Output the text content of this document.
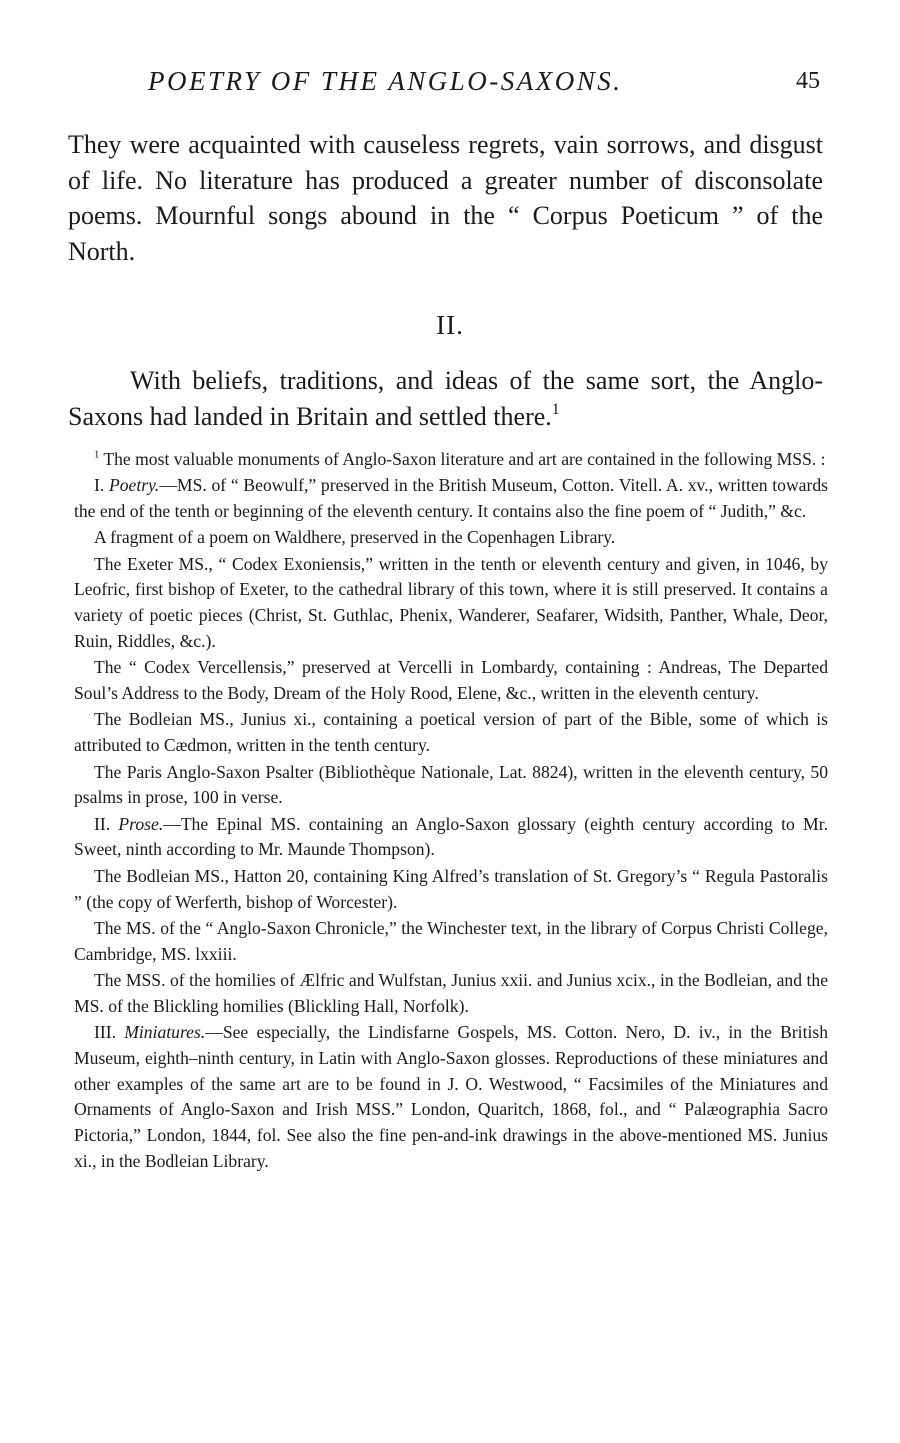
POETRY OF THE ANGLO-SAXONS.	45

They were acquainted with causeless regrets, vain sorrows, and disgust of life. No literature has produced a greater number of disconsolate poems. Mournful songs abound in the “ Corpus Poeticum ” of the North.

II.

With beliefs, traditions, and ideas of the same sort, the Anglo-Saxons had landed in Britain and settled there.$^1$

$^1$ The most valuable monuments of Anglo-Saxon literature and art are contained in the following MSS. :

I. Poetry.—MS. of “ Beowulf,” preserved in the British Museum, Cotton. Vitell. A. xv., written towards the end of the tenth or beginning of the eleventh century. It contains also the fine poem of “ Judith,” &c.

A fragment of a poem on Waldhere, preserved in the Copenhagen Library.

The Exeter MS., “ Codex Exoniensis,” written in the tenth or eleventh century and given, in 1046, by Leofric, first bishop of Exeter, to the cathedral library of this town, where it is still preserved. It contains a variety of poetic pieces (Christ, St. Guthlac, Phenix, Wanderer, Seafarer, Widsith, Panther, Whale, Deor, Ruin, Riddles, &c.).

The “ Codex Vercellensis,” preserved at Vercelli in Lombardy, containing : Andreas, The Departed Soul’s Address to the Body, Dream of the Holy Rood, Elene, &c., written in the eleventh century.

The Bodleian MS., Junius xi., containing a poetical version of part of the Bible, some of which is attributed to Cædmon, written in the tenth century.

The Paris Anglo-Saxon Psalter (Bibliothèque Nationale, Lat. 8824), written in the eleventh century, 50 psalms in prose, 100 in verse.

II. Prose.—The Epinal MS. containing an Anglo-Saxon glossary (eighth century according to Mr. Sweet, ninth according to Mr. Maunde Thompson).

The Bodleian MS., Hatton 20, containing King Alfred’s translation of St. Gregory’s “ Regula Pastoralis ” (the copy of Werferth, bishop of Worcester).

The MS. of the “ Anglo-Saxon Chronicle,” the Winchester text, in the library of Corpus Christi College, Cambridge, MS. lxxiii.

The MSS. of the homilies of Ælfric and Wulfstan, Junius xxii. and Junius xcix., in the Bodleian, and the MS. of the Blickling homilies (Blickling Hall, Norfolk).

III. Miniatures.—See especially, the Lindisfarne Gospels, MS. Cotton. Nero, D. iv., in the British Museum, eighth–ninth century, in Latin with Anglo-Saxon glosses. Reproductions of these miniatures and other examples of the same art are to be found in J. O. Westwood, “ Facsimiles of the Miniatures and Ornaments of Anglo-Saxon and Irish MSS.” London, Quaritch, 1868, fol., and “ Palæographia Sacro Pictoria,” London, 1844, fol. See also the fine pen-and-ink drawings in the above-mentioned MS. Junius xi., in the Bodleian Library.
